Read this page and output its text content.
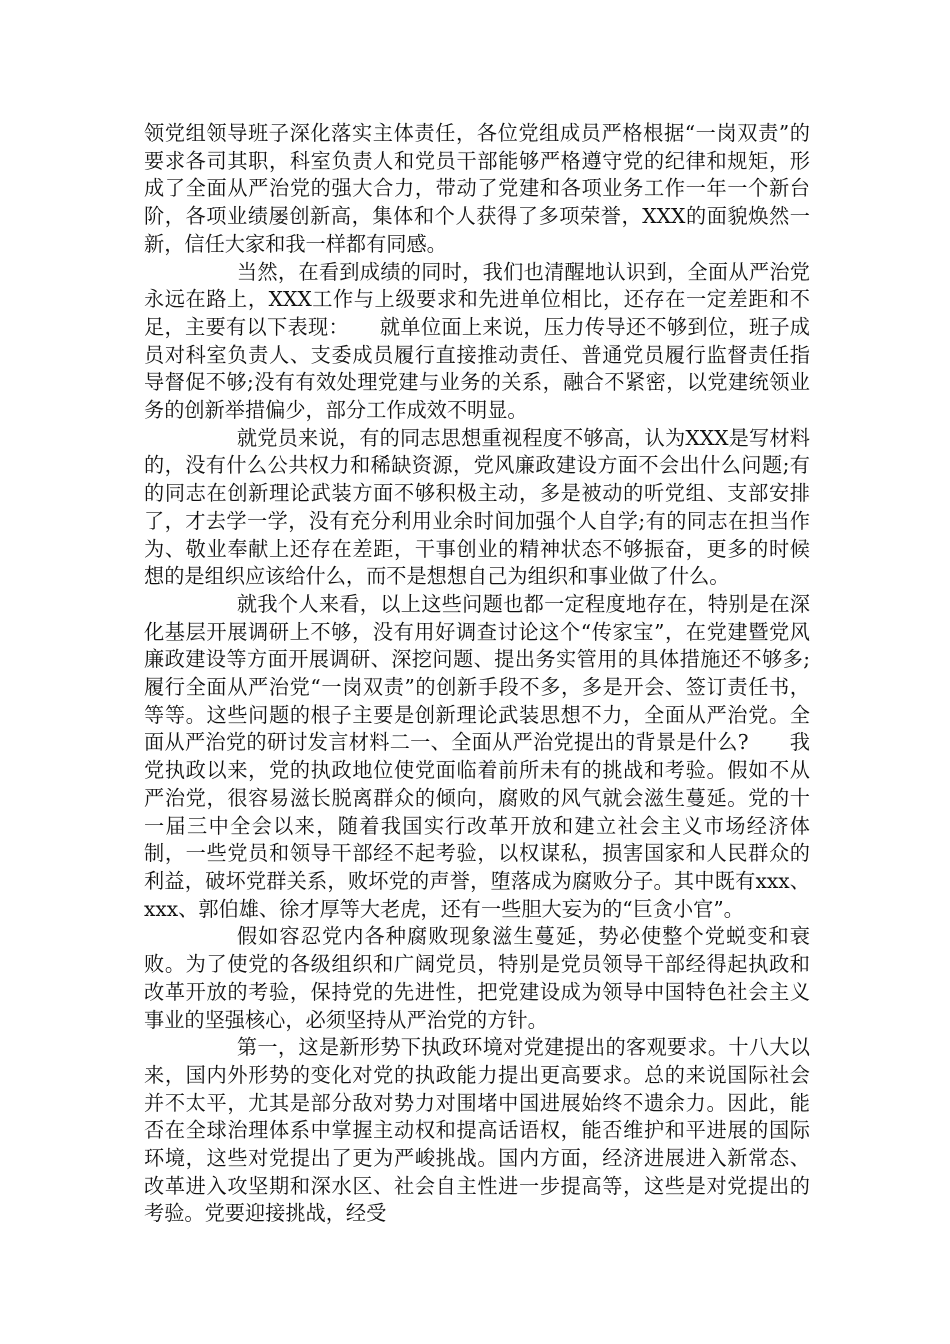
领党组领导班子深化落实主体责任，各位党组成员严格根据“一岗双责”的要求各司其职，科室负责人和党员干部能够严格遵守党的纪律和规矩，形成了全面从严治党的强大合力，带动了党建和各项业务工作一年一个新台阶，各项业绩屡创新高，集体和个人获得了多项荣誉，XXX的面貌焕然一新，信任大家和我一样都有同感。

当然，在看到成绩的同时，我们也清醒地认识到，全面从严治党永远在路上，XXX工作与上级要求和先进单位相比，还存在一定差距和不足，主要有以下表现：　　就单位面上来说，压力传导还不够到位，班子成员对科室负责人、支委成员履行直接推动责任、普通党员履行监督责任指导督促不够;没有有效处理党建与业务的关系，融合不紧密，以党建统领业务的创新举措偏少，部分工作成效不明显。

就党员来说，有的同志思想重视程度不够高，认为XXX是写材料的，没有什么公共权力和稀缺资源，党风廉政建设方面不会出什么问题;有的同志在创新理论武装方面不够积极主动，多是被动的听党组、支部安排了，才去学一学，没有充分利用业余时间加强个人自学;有的同志在担当作为、敬业奉献上还存在差距，干事创业的精神状态不够振奋，更多的时候想的是组织应该给什么，而不是想想自己为组织和事业做了什么。

就我个人来看，以上这些问题也都一定程度地存在，特别是在深化基层开展调研上不够，没有用好调查讨论这个“传家宝”，在党建暨党风廉政建设等方面开展调研、深挖问题、提出务实管用的具体措施还不够多;履行全面从严治党“一岗双责”的创新手段不多，多是开会、签订责任书，等等。这些问题的根子主要是创新理论武装思想不力，全面从严治党。全面从严治党的研讨发言材料二一、全面从严治党提出的背景是什么?　　我党执政以来，党的执政地位使党面临着前所未有的挑战和考验。假如不从严治党，很容易滋长脱离群众的倾向，腐败的风气就会滋生蔓延。党的十一届三中全会以来，随着我国实行改革开放和建立社会主义市场经济体制，一些党员和领导干部经不起考验，以权谋私，损害国家和人民群众的利益，破坏党群关系，败坏党的声誉，堕落成为腐败分子。其中既有xxx、xxx、郭伯雄、徐才厚等大老虎，还有一些胆大妄为的“巨贪小官”。

假如容忍党内各种腐败现象滋生蔓延，势必使整个党蜕变和衰败。为了使党的各级组织和广阔党员，特别是党员领导干部经得起执政和改革开放的考验，保持党的先进性，把党建设成为领导中国特色社会主义事业的坚强核心，必须坚持从严治党的方针。

第一，这是新形势下执政环境对党建提出的客观要求。十八大以来，国内外形势的变化对党的执政能力提出更高要求。总的来说国际社会并不太平，尤其是部分敌对势力对围堵中国进展始终不遗余力。因此，能否在全球治理体系中掌握主动权和提高话语权，能否维护和平进展的国际环境，这些对党提出了更为严峻挑战。国内方面，经济进展进入新常态、改革进入攻坚期和深水区、社会自主性进一步提高等，这些是对党提出的考验。党要迎接挑战，经受
